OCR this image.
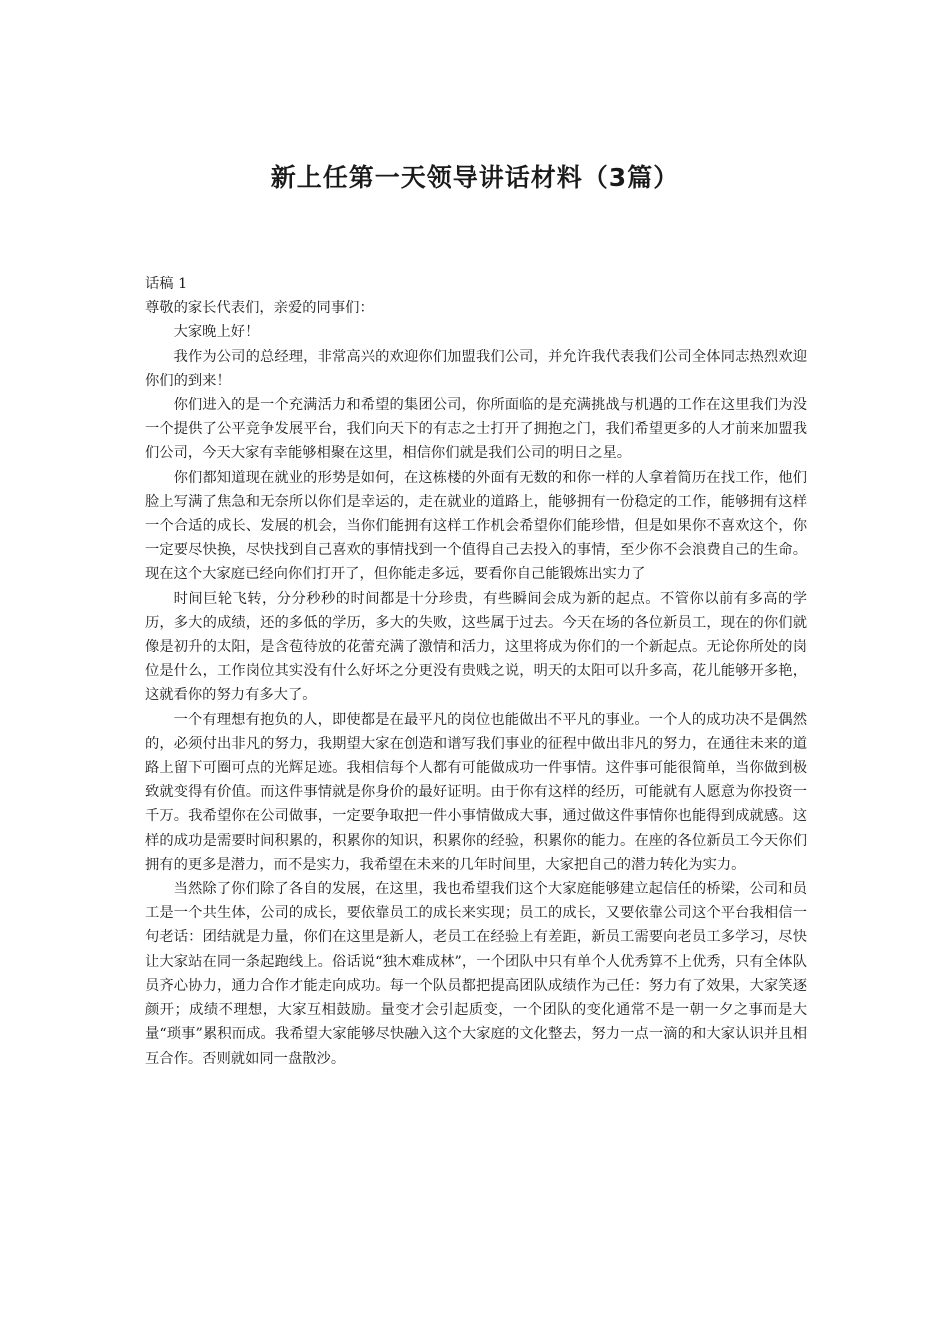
新上任第一天领导讲话材料（3篇）

话稿 1

尊敬的家长代表们，亲爱的同事们：

大家晚上好！

我作为公司的总经理，非常高兴的欢迎你们加盟我们公司，并允许我代表我们公司全体同志热烈欢迎你们的到来！

你们进入的是一个充满活力和希望的集团公司，你所面临的是充满挑战与机遇的工作在这里我们为没一个提供了公平竞争发展平台，我们向天下的有志之士打开了拥抱之门，我们希望更多的人才前来加盟我们公司，今天大家有幸能够相聚在这里，相信你们就是我们公司的明日之星。

你们都知道现在就业的形势是如何，在这栋楼的外面有无数的和你一样的人拿着简历在找工作，他们脸上写满了焦急和无奈所以你们是幸运的，走在就业的道路上，能够拥有一份稳定的工作，能够拥有这样一个合适的成长、发展的机会，当你们能拥有这样工作机会希望你们能珍惜，但是如果你不喜欢这个，你一定要尽快换，尽快找到自己喜欢的事情找到一个值得自己去投入的事情，至少你不会浪费自己的生命。现在这个大家庭已经向你们打开了，但你能走多远，要看你自己能锻炼出实力了

时间巨轮飞转，分分秒秒的时间都是十分珍贵，有些瞬间会成为新的起点。不管你以前有多高的学历，多大的成绩，还的多低的学历，多大的失败，这些属于过去。今天在场的各位新员工，现在的你们就像是初升的太阳，是含苞待放的花蕾充满了激情和活力，这里将成为你们的一个新起点。无论你所处的岗位是什么，工作岗位其实没有什么好坏之分更没有贵贱之说，明天的太阳可以升多高，花儿能够开多艳，这就看你的努力有多大了。

一个有理想有抱负的人，即使都是在最平凡的岗位也能做出不平凡的事业。一个人的成功决不是偶然的，必须付出非凡的努力，我期望大家在创造和谱写我们事业的征程中做出非凡的努力，在通往未来的道路上留下可圈可点的光辉足迹。我相信每个人都有可能做成功一件事情。这件事可能很简单，当你做到极致就变得有价值。而这件事情就是你身价的最好证明。由于你有这样的经历，可能就有人愿意为你投资一千万。我希望你在公司做事，一定要争取把一件小事情做成大事，通过做这件事情你也能得到成就感。这样的成功是需要时间积累的，积累你的知识，积累你的经验，积累你的能力。在座的各位新员工今天你们拥有的更多是潜力，而不是实力，我希望在未来的几年时间里，大家把自己的潜力转化为实力。

当然除了你们除了各自的发展，在这里，我也希望我们这个大家庭能够建立起信任的桥梁，公司和员工是一个共生体，公司的成长，要依靠员工的成长来实现；员工的成长，又要依靠公司这个平台我相信一句老话：团结就是力量，你们在这里是新人，老员工在经验上有差距，新员工需要向老员工多学习，尽快让大家站在同一条起跑线上。俗话说“独木难成林”，一个团队中只有单个人优秀算不上优秀，只有全体队员齐心协力，通力合作才能走向成功。每一个队员都把提高团队成绩作为己任：努力有了效果，大家笑逐颜开；成绩不理想，大家互相鼓励。量变才会引起质变，一个团队的变化通常不是一朝一夕之事而是大量“琐事”累积而成。我希望大家能够尽快融入这个大家庭的文化整去，努力一点一滴的和大家认识并且相互合作。否则就如同一盘散沙。
